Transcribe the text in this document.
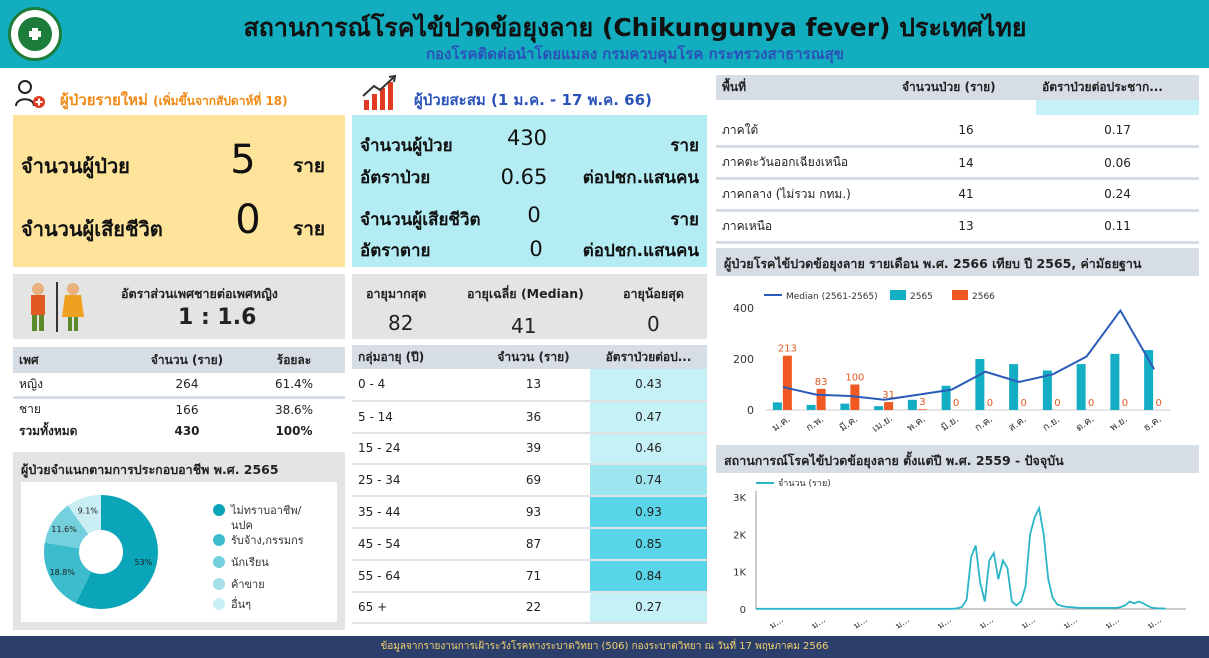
สถานการณ์โรคไข้ปวดข้อยุงลาย (Chikungunya fever) ประเทศไทย
กองโรคติดต่อนำโดยแมลง กรมควบคุมโรค กระทรวงสาธารณสุข
ผู้ป่วยรายใหม่ (เพิ่มขึ้นจากสัปดาห์ที่ 18)
จำนวนผู้ป่วย	5	ราย
จำนวนผู้เสียชีวิต	0	ราย
ผู้ป่วยสะสม (1 ม.ค. - 17 พ.ค. 66)
จำนวนผู้ป่วย	430	ราย
อัตราป่วย	0.65	ต่อปชก.แสนคน
จำนวนผู้เสียชีวิต	0	ราย
อัตราตาย	0	ต่อปชก.แสนคน
อัตราส่วนเพศชายต่อเพศหญิง
1 : 1.6
อายุมากสุด
82
อายุเฉลี่ย (Median)
41
อายุน้อยสุด
0
เพศ	จำนวน (ราย)	ร้อยละ
หญิง	264	61.4%
ชาย	166	38.6%
รวมทั้งหมด	430	100%
ผู้ป่วยจำแนกตามการประกอบอาชีพ พ.ศ. 2565
53%
18.8%
11.6%
9.1%	ไม่ทราบอาชีพ/
นปค
รับจ้าง,กรรมกร
นักเรียน
ค้าขาย
อื่นๆ
กลุ่มอายุ (ปี)	จำนวน (ราย)	อัตราป่วยต่อป...
0 - 4	13	0.43
5 - 14	36	0.47
15 - 24	39	0.46
25 - 34	69	0.74
35 - 44	93	0.93
45 - 54	87	0.85
55 - 64	71	0.84
65 +	22	0.27
พื้นที่	จำนวนป่วย (ราย)	อัตราป่วยต่อประชาก...

ภาคใต้	16	0.17
ภาคตะวันออกเฉียงเหนือ	14	0.06
ภาคกลาง (ไม่รวม กทม.)	41	0.24
ภาคเหนือ	13	0.11
ผู้ป่วยโรคไข้ปวดข้อยุงลาย รายเดือน พ.ศ. 2566 เทียบ ปี 2565, ค่ามัธยฐาน
0
200
400
213
ม.ค.
83
ก.พ.
100
มี.ค.
31
เม.ย.
3
พ.ค.
0
มิ.ย.
0
ก.ค.
0
ส.ค.
0
ก.ย.
0
ต.ค.
0
พ.ย.
0
ธ.ค.
Median (2561-2565)	2565	2566
สถานการณ์โรคไข้ปวดข้อยุงลาย ตั้งแต่ปี พ.ศ. 2559 - ปัจจุบัน
0
1K
2K
3K
ม...	ม...	ม...	ม...	ม...	ม...	ม...	ม...	ม...	ม...
จำนวน (ราย)
ข้อมูลจากรายงานการเฝ้าระวังโรคทางระบาดวิทยา (506) กองระบาดวิทยา ณ วันที่ 17 พฤษภาคม 2566
